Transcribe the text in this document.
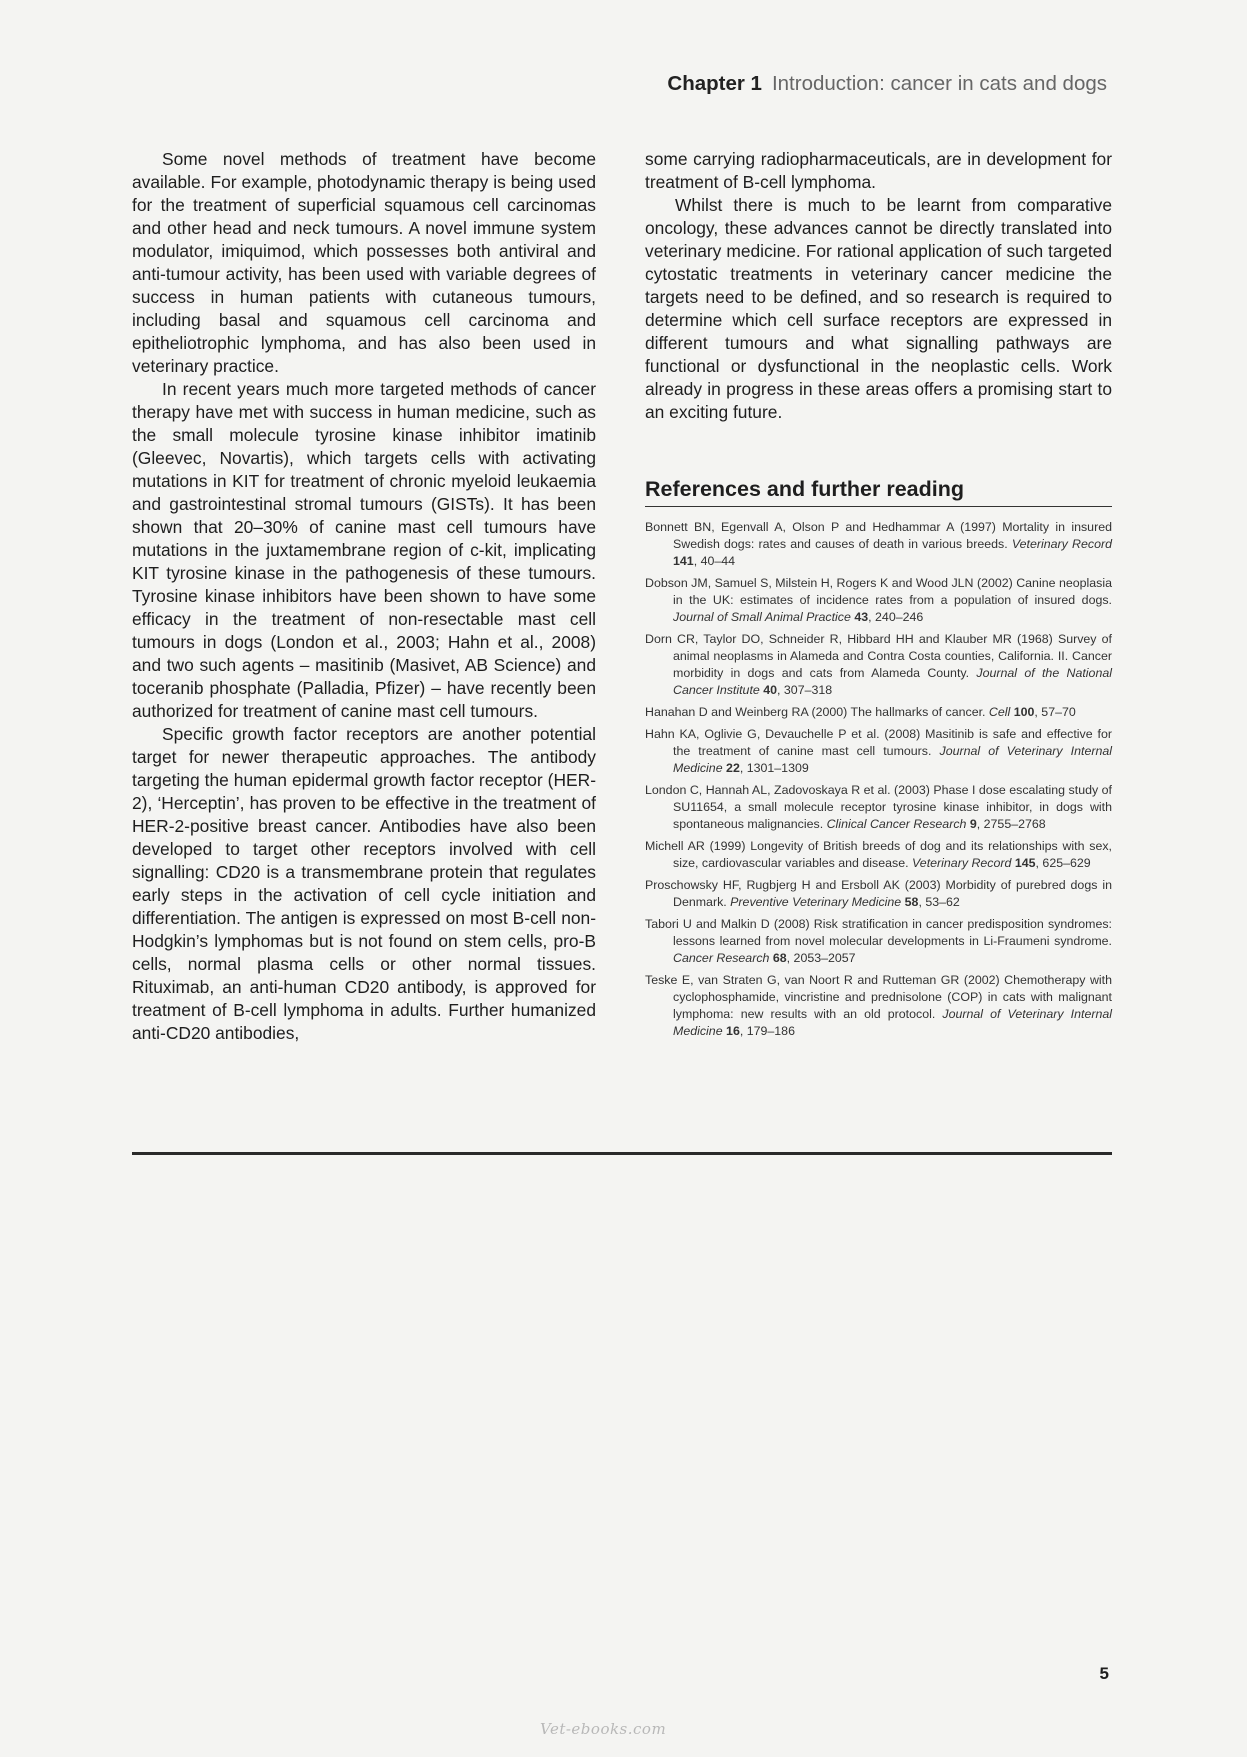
Chapter 1 Introduction: cancer in cats and dogs

Some novel methods of treatment have become available. For example, photodynamic therapy is being used for the treatment of superficial squamous cell carcinomas and other head and neck tumours. A novel immune system modulator, imiquimod, which possesses both antiviral and anti-tumour activity, has been used with variable degrees of success in human patients with cutaneous tumours, including basal and squamous cell carcinoma and epitheliotrophic lymphoma, and has also been used in veterinary practice.

In recent years much more targeted methods of cancer therapy have met with success in human medicine, such as the small molecule tyrosine kinase inhibitor imatinib (Gleevec, Novartis), which targets cells with activating mutations in KIT for treatment of chronic myeloid leukaemia and gastrointestinal stromal tumours (GISTs). It has been shown that 20–30% of canine mast cell tumours have mutations in the juxtamembrane region of c-kit, implicating KIT tyrosine kinase in the pathogenesis of these tumours. Tyrosine kinase inhibitors have been shown to have some efficacy in the treatment of non-resectable mast cell tumours in dogs (London et al., 2003; Hahn et al., 2008) and two such agents – masitinib (Masivet, AB Science) and toceranib phosphate (Palladia, Pfizer) – have recently been authorized for treatment of canine mast cell tumours.

Specific growth factor receptors are another potential target for newer therapeutic approaches. The antibody targeting the human epidermal growth factor receptor (HER-2), ‘Herceptin’, has proven to be effective in the treatment of HER-2-positive breast cancer. Antibodies have also been developed to target other receptors involved with cell signalling: CD20 is a transmembrane protein that regulates early steps in the activation of cell cycle initiation and differentiation. The antigen is expressed on most B-cell non-Hodgkin’s lymphomas but is not found on stem cells, pro-B cells, normal plasma cells or other normal tissues. Rituximab, an anti-human CD20 antibody, is approved for treatment of B-cell lymphoma in adults. Further humanized anti-CD20 antibodies,

some carrying radiopharmaceuticals, are in development for treatment of B-cell lymphoma.

Whilst there is much to be learnt from comparative oncology, these advances cannot be directly translated into veterinary medicine. For rational application of such targeted cytostatic treatments in veterinary cancer medicine the targets need to be defined, and so research is required to determine which cell surface receptors are expressed in different tumours and what signalling pathways are functional or dysfunctional in the neoplastic cells. Work already in progress in these areas offers a promising start to an exciting future.

References and further reading
Bonnett BN, Egenvall A, Olson P and Hedhammar A (1997) Mortality in insured Swedish dogs: rates and causes of death in various breeds. Veterinary Record 141, 40–44
Dobson JM, Samuel S, Milstein H, Rogers K and Wood JLN (2002) Canine neoplasia in the UK: estimates of incidence rates from a population of insured dogs. Journal of Small Animal Practice 43, 240–246
Dorn CR, Taylor DO, Schneider R, Hibbard HH and Klauber MR (1968) Survey of animal neoplasms in Alameda and Contra Costa counties, California. II. Cancer morbidity in dogs and cats from Alameda County. Journal of the National Cancer Institute 40, 307–318
Hanahan D and Weinberg RA (2000) The hallmarks of cancer. Cell 100, 57–70
Hahn KA, Oglivie G, Devauchelle P et al. (2008) Masitinib is safe and effective for the treatment of canine mast cell tumours. Journal of Veterinary Internal Medicine 22, 1301–1309
London C, Hannah AL, Zadovoskaya R et al. (2003) Phase I dose escalating study of SU11654, a small molecule receptor tyrosine kinase inhibitor, in dogs with spontaneous malignancies. Clinical Cancer Research 9, 2755–2768
Michell AR (1999) Longevity of British breeds of dog and its relationships with sex, size, cardiovascular variables and disease. Veterinary Record 145, 625–629
Proschowsky HF, Rugbjerg H and Ersboll AK (2003) Morbidity of purebred dogs in Denmark. Preventive Veterinary Medicine 58, 53–62
Tabori U and Malkin D (2008) Risk stratification in cancer predisposition syndromes: lessons learned from novel molecular developments in Li-Fraumeni syndrome. Cancer Research 68, 2053–2057
Teske E, van Straten G, van Noort R and Rutteman GR (2002) Chemotherapy with cyclophosphamide, vincristine and prednisolone (COP) in cats with malignant lymphoma: new results with an old protocol. Journal of Veterinary Internal Medicine 16, 179–186
5
Vet-ebooks.com
